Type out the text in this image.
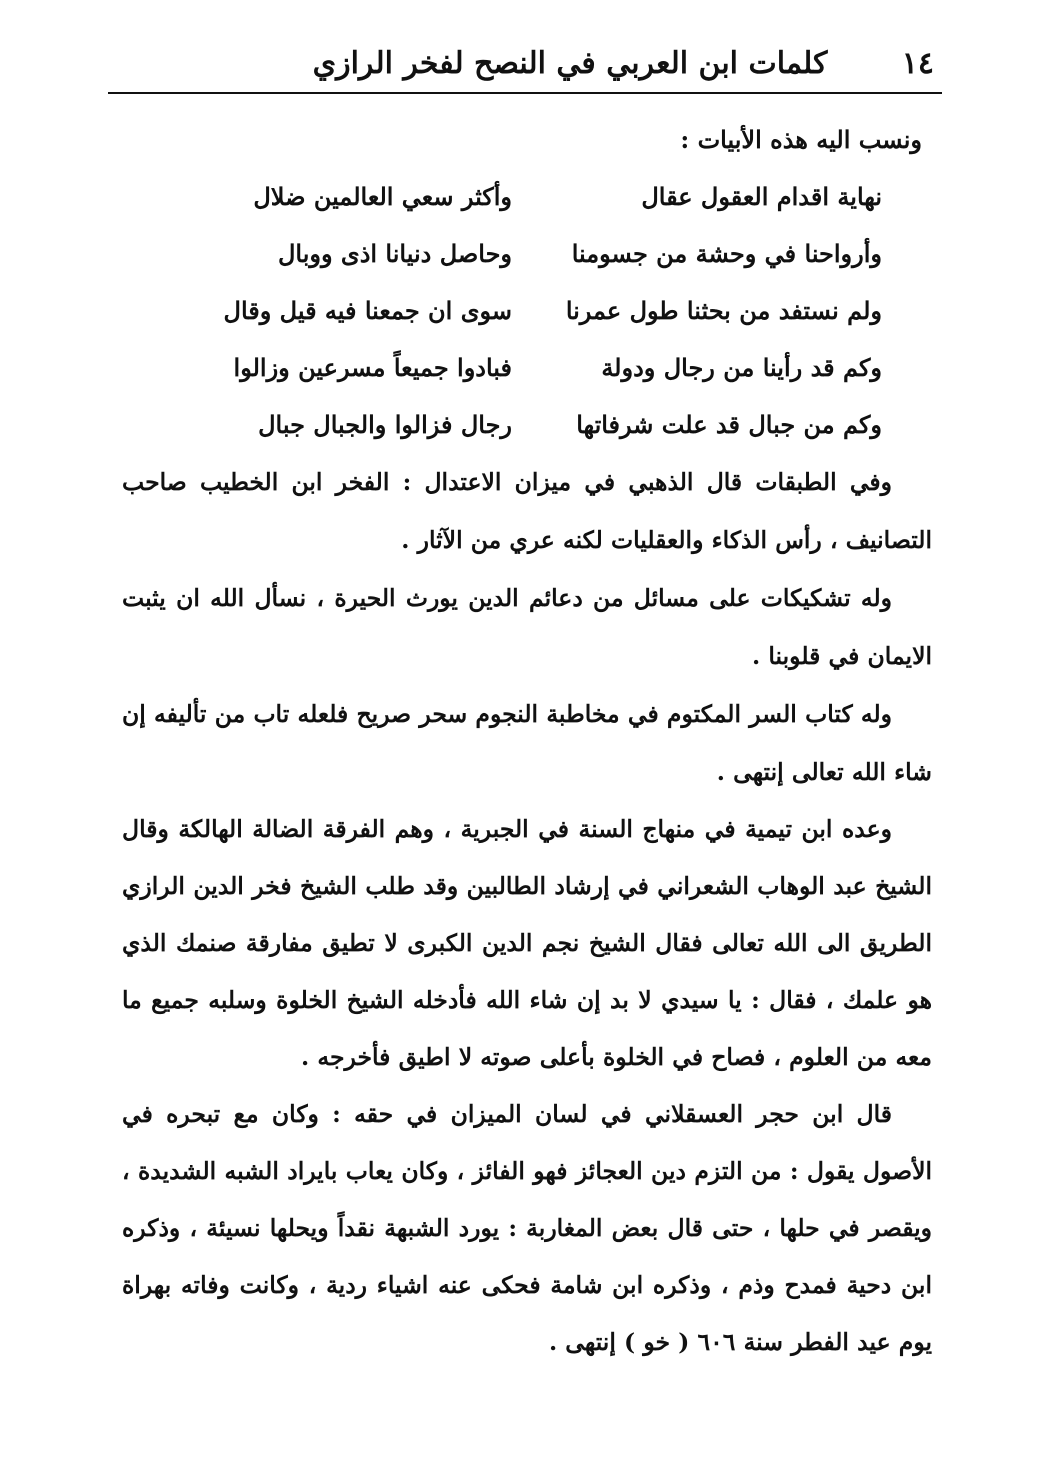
١٤
كلمات ابن العربي في النصح لفخر الرازي
ونسب اليه هذه الأبيات :
نهاية اقدام العقول عقال
وأكثر سعي العالمين ضلال
وأرواحنا في وحشة من جسومنا
وحاصل دنيانا اذى ووبال
ولم نستفد من بحثنا طول عمرنا
سوى ان جمعنا فيه قيل وقال
وكم قد رأينا من رجال ودولة
فبادوا جميعاً مسرعين وزالوا
وكم من جبال قد علت شرفاتها
رجال فزالوا والجبال جبال

وفي الطبقات قال الذهبي في ميزان الاعتدال : الفخر ابن الخطيب صاحب التصانيف ، رأس الذكاء والعقليات لكنه عري من الآثار .

وله تشكيكات على مسائل من دعائم الدين يورث الحيرة ، نسأل الله ان يثبت الايمان في قلوبنا .

وله كتاب السر المكتوم في مخاطبة النجوم سحر صريح فلعله تاب من تأليفه إن شاء الله تعالى إنتهى .

وعده ابن تيمية في منهاج السنة في الجبرية ، وهم الفرقة الضالة الهالكة وقال الشيخ عبد الوهاب الشعراني في إرشاد الطالبين وقد طلب الشيخ فخر الدين الرازي الطريق الى الله تعالى فقال الشيخ نجم الدين الكبرى لا تطيق مفارقة صنمك الذي هو علمك ، فقال : يا سيدي لا بد إن شاء الله فأدخله الشيخ الخلوة وسلبه جميع ما معه من العلوم ، فصاح في الخلوة بأعلى صوته لا اطيق فأخرجه .

قال ابن حجر العسقلاني في لسان الميزان في حقه : وكان مع تبحره في الأصول يقول : من التزم دين العجائز فهو الفائز ، وكان يعاب بايراد الشبه الشديدة ، ويقصر في حلها ، حتى قال بعض المغاربة : يورد الشبهة نقداً ويحلها نسيئة ، وذكره ابن دحية فمدح وذم ، وذكره ابن شامة فحكى عنه اشياء ردية ، وكانت وفاته بهراة يوم عيد الفطر سنة ٦٠٦ ( خو ) إنتهى .
